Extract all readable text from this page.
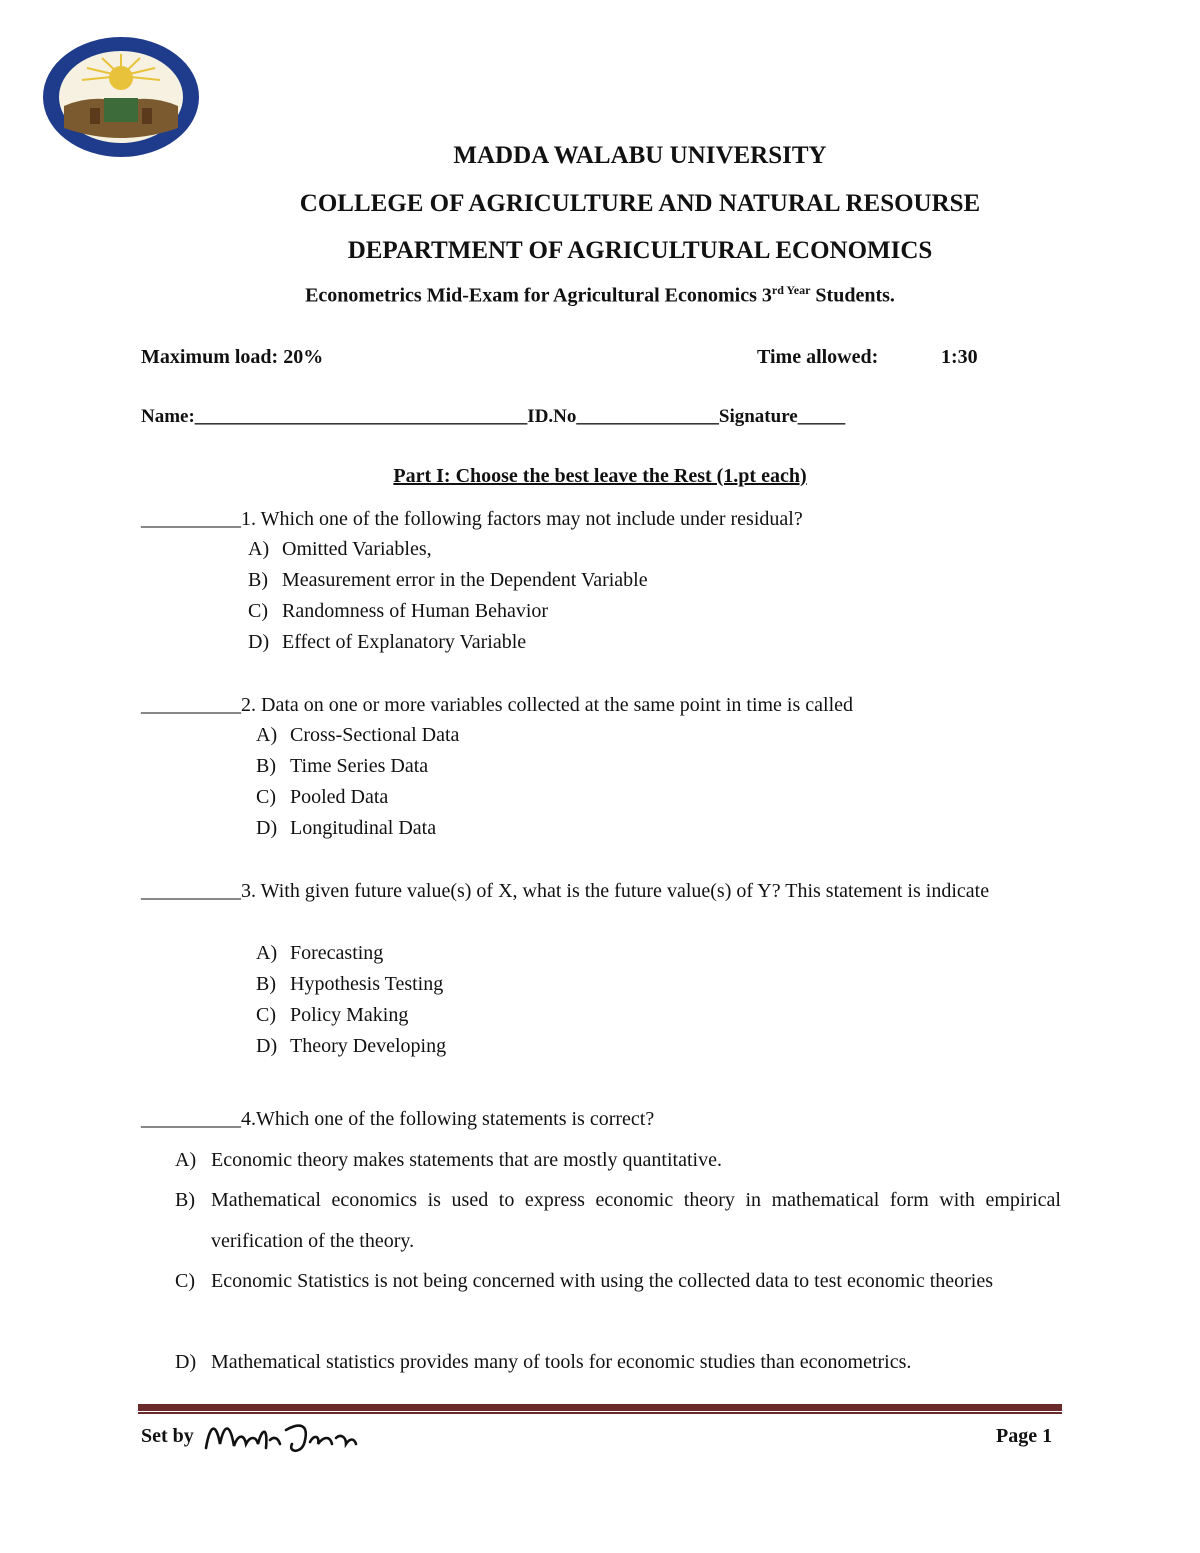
MADDA WALABU UNIVERSITY
COLLEGE OF AGRICULTURE AND NATURAL RESOURSE
DEPARTMENT OF AGRICULTURAL ECONOMICS
Econometrics Mid-Exam for Agricultural Economics $3^{rd Year}$ Students.
Maximum load: 20%	Time allowed:	1:30
Name:___________________________________ID.No_______________Signature_____
Part I: Choose the best leave the Rest (1.pt each)
__________1. Which one of the following factors may not include under residual?
A) Omitted Variables,
B) Measurement error in the Dependent Variable
C) Randomness of Human Behavior
D) Effect of Explanatory Variable
__________2. Data on one or more variables collected at the same point in time is called
A) Cross-Sectional Data
B) Time Series Data
C) Pooled Data
D) Longitudinal Data
__________3. With given future value(s) of X, what is the future value(s) of Y? This statement is indicate
A) Forecasting
B) Hypothesis Testing
C) Policy Making
D) Theory Developing
__________4.Which one of the following statements is correct?
A) Economic theory makes statements that are mostly quantitative.
B) Mathematical economics is used to express economic theory in mathematical form with empirical verification of the theory.
C) Economic Statistics is not being concerned with using the collected data to test economic theories
D) Mathematical statistics provides many of tools for economic studies than econometrics.
Set by	Page 1
